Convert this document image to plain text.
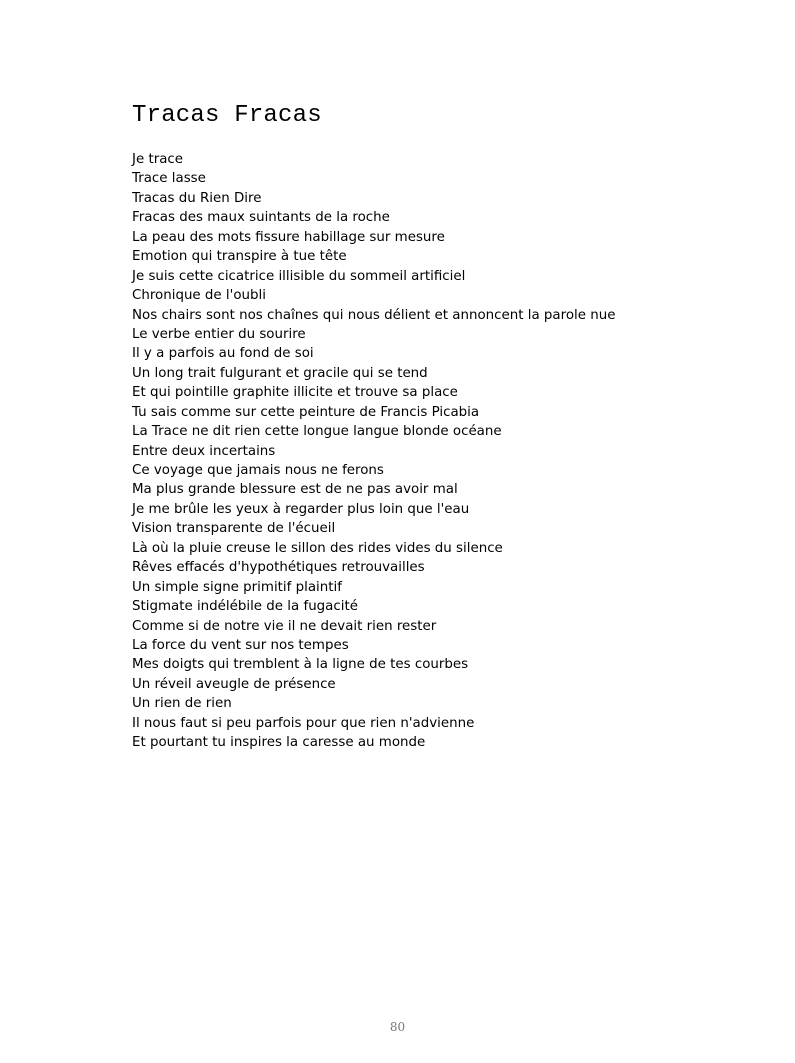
Tracas Fracas
Je trace
Trace lasse
Tracas du Rien Dire
Fracas des maux suintants de la roche
La peau des mots fissure habillage sur mesure
Emotion qui transpire à tue tête
Je suis cette cicatrice illisible du sommeil artificiel
Chronique de l'oubli
Nos chairs sont nos chaînes qui nous délient et annoncent la parole nue
Le verbe entier du sourire
Il y a parfois au fond de soi
Un long trait fulgurant et gracile qui se tend
Et qui pointille graphite illicite et trouve sa place
Tu sais comme sur cette peinture de Francis Picabia
La Trace ne dit rien cette longue langue blonde océane
Entre deux incertains
Ce voyage que jamais nous ne ferons
Ma plus grande blessure est de ne pas avoir mal
Je me brûle les yeux à regarder plus loin que l'eau
Vision transparente de l'écueil
Là où la pluie creuse le sillon des rides vides du silence
Rêves effacés d'hypothétiques retrouvailles
Un simple signe primitif plaintif
Stigmate indélébile de la fugacité
Comme si de notre vie il ne devait rien rester
La force du vent sur nos tempes
Mes doigts qui tremblent à la ligne de tes courbes
Un réveil aveugle de présence
Un rien de rien
Il nous faut si peu parfois pour que rien n'advienne
Et pourtant tu inspires la caresse au monde
80
